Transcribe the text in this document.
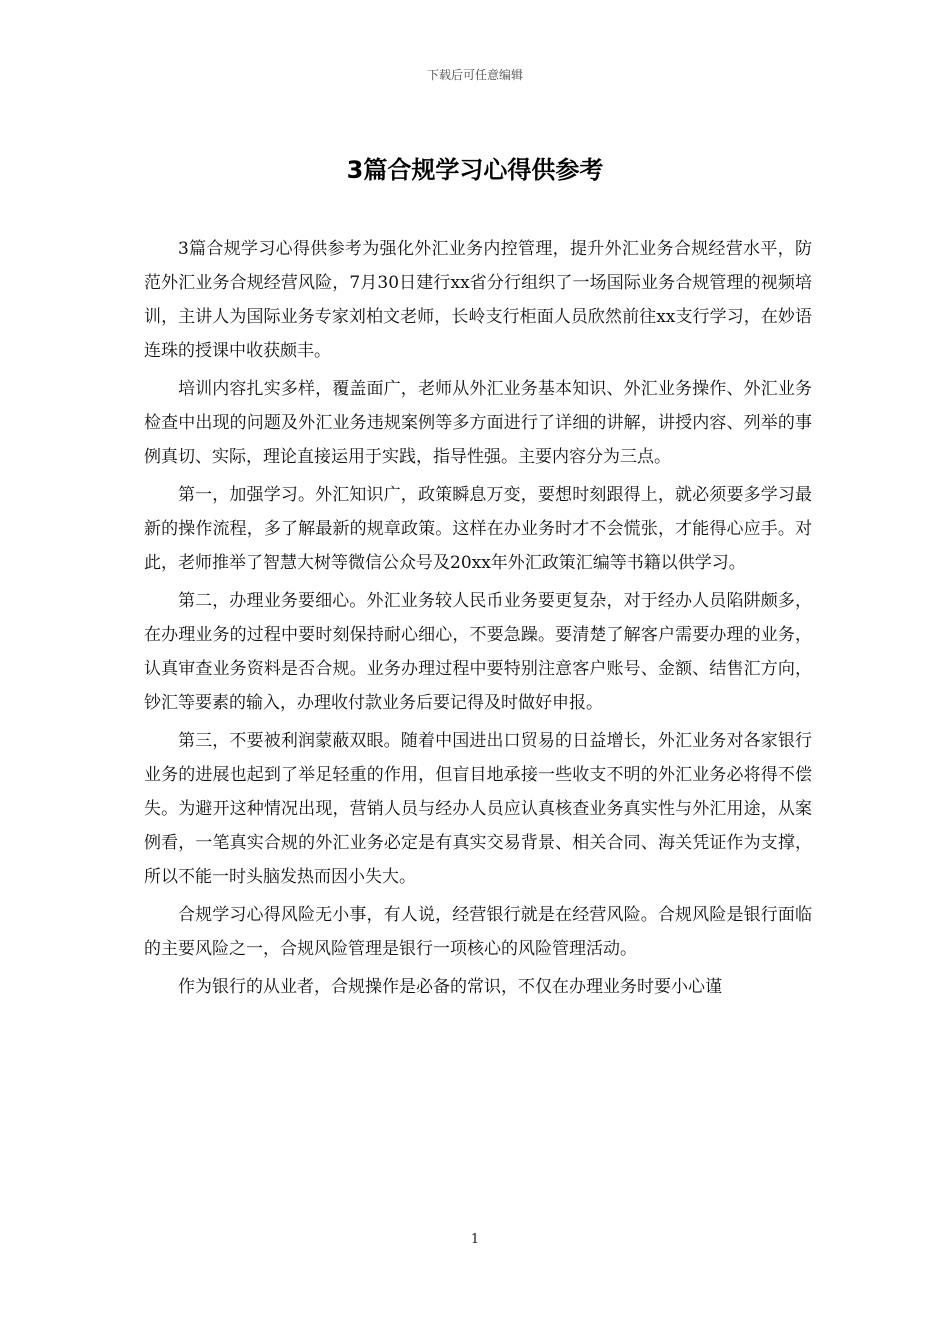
下载后可任意编辑
3篇合规学习心得供参考

3篇合规学习心得供参考为强化外汇业务内控管理，提升外汇业务合规经营水平，防范外汇业务合规经营风险，7月30日建行xx省分行组织了一场国际业务合规管理的视频培训，主讲人为国际业务专家刘柏文老师，长岭支行柜面人员欣然前往xx支行学习，在妙语连珠的授课中收获颇丰。

培训内容扎实多样，覆盖面广，老师从外汇业务基本知识、外汇业务操作、外汇业务检查中出现的问题及外汇业务违规案例等多方面进行了详细的讲解，讲授内容、列举的事例真切、实际，理论直接运用于实践，指导性强。主要内容分为三点。

第一，加强学习。外汇知识广，政策瞬息万变，要想时刻跟得上，就必须要多学习最新的操作流程，多了解最新的规章政策。这样在办业务时才不会慌张，才能得心应手。对此，老师推举了智慧大树等微信公众号及20xx年外汇政策汇编等书籍以供学习。

第二，办理业务要细心。外汇业务较人民币业务要更复杂，对于经办人员陷阱颇多，在办理业务的过程中要时刻保持耐心细心，不要急躁。要清楚了解客户需要办理的业务，认真审查业务资料是否合规。业务办理过程中要特别注意客户账号、金额、结售汇方向，钞汇等要素的输入，办理收付款业务后要记得及时做好申报。

第三，不要被利润蒙蔽双眼。随着中国进出口贸易的日益增长，外汇业务对各家银行业务的进展也起到了举足轻重的作用，但盲目地承接一些收支不明的外汇业务必将得不偿失。为避开这种情况出现，营销人员与经办人员应认真核查业务真实性与外汇用途，从案例看，一笔真实合规的外汇业务必定是有真实交易背景、相关合同、海关凭证作为支撑，所以不能一时头脑发热而因小失大。

合规学习心得风险无小事，有人说，经营银行就是在经营风险。合规风险是银行面临的主要风险之一，合规风险管理是银行一项核心的风险管理活动。

作为银行的从业者，合规操作是必备的常识，不仅在办理业务时要小心谨

1
